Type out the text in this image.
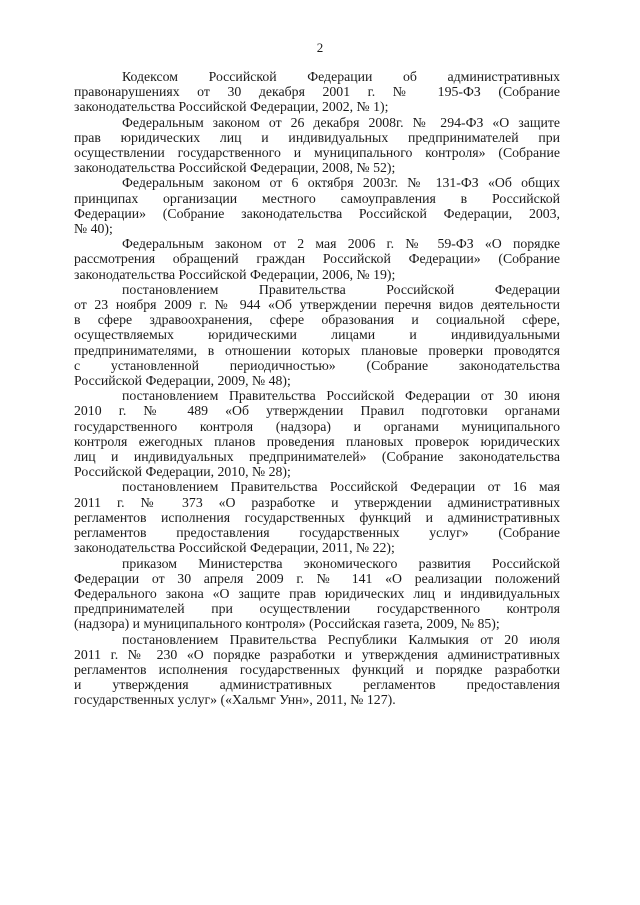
2
Кодексом Российской Федерации об административных
правонарушениях от 30 декабря 2001 г. № 195-ФЗ (Собрание
законодательства Российской Федерации, 2002, № 1);
Федеральным законом от 26 декабря 2008г. № 294-ФЗ «О защите
прав юридических лиц и индивидуальных предпринимателей при
осуществлении государственного и муниципального контроля» (Собрание
законодательства Российской Федерации, 2008, № 52);
Федеральным законом от 6 октября 2003г. № 131-ФЗ «Об общих
принципах организации местного самоуправления в Российской
Федерации» (Собрание законодательства Российской Федерации, 2003,
№ 40);
Федеральным законом от 2 мая 2006 г. № 59-ФЗ «О порядке
рассмотрения обращений граждан Российской Федерации» (Собрание
законодательства Российской Федерации, 2006, № 19);
постановлением Правительства Российской Федерации
от 23 ноября 2009 г. № 944 «Об утверждении перечня видов деятельности
в сфере здравоохранения, сфере образования и социальной сфере,
осуществляемых юридическими лицами и индивидуальными
предпринимателями, в отношении которых плановые проверки проводятся
с установленной периодичностью» (Собрание законодательства
Российской Федерации, 2009, № 48);
постановлением Правительства Российской Федерации от 30 июня
2010 г. № 489 «Об утверждении Правил подготовки органами
государственного контроля (надзора) и органами муниципального
контроля ежегодных планов проведения плановых проверок юридических
лиц и индивидуальных предпринимателей» (Собрание законодательства
Российской Федерации, 2010, № 28);
постановлением Правительства Российской Федерации от 16 мая
2011 г. № 373 «О разработке и утверждении административных
регламентов исполнения государственных функций и административных
регламентов предоставления государственных услуг» (Собрание
законодательства Российской Федерации, 2011, № 22);
приказом Министерства экономического развития Российской
Федерации от 30 апреля 2009 г. № 141 «О реализации положений
Федерального закона «О защите прав юридических лиц и индивидуальных
предпринимателей при осуществлении государственного контроля
(надзора) и муниципального контроля» (Российская газета, 2009, № 85);
постановлением Правительства Республики Калмыкия от 20 июля
2011 г. № 230 «О порядке разработки и утверждения административных
регламентов исполнения государственных функций и порядке разработки
и утверждения административных регламентов предоставления
государственных услуг» («Хальмг Унн», 2011, № 127).
